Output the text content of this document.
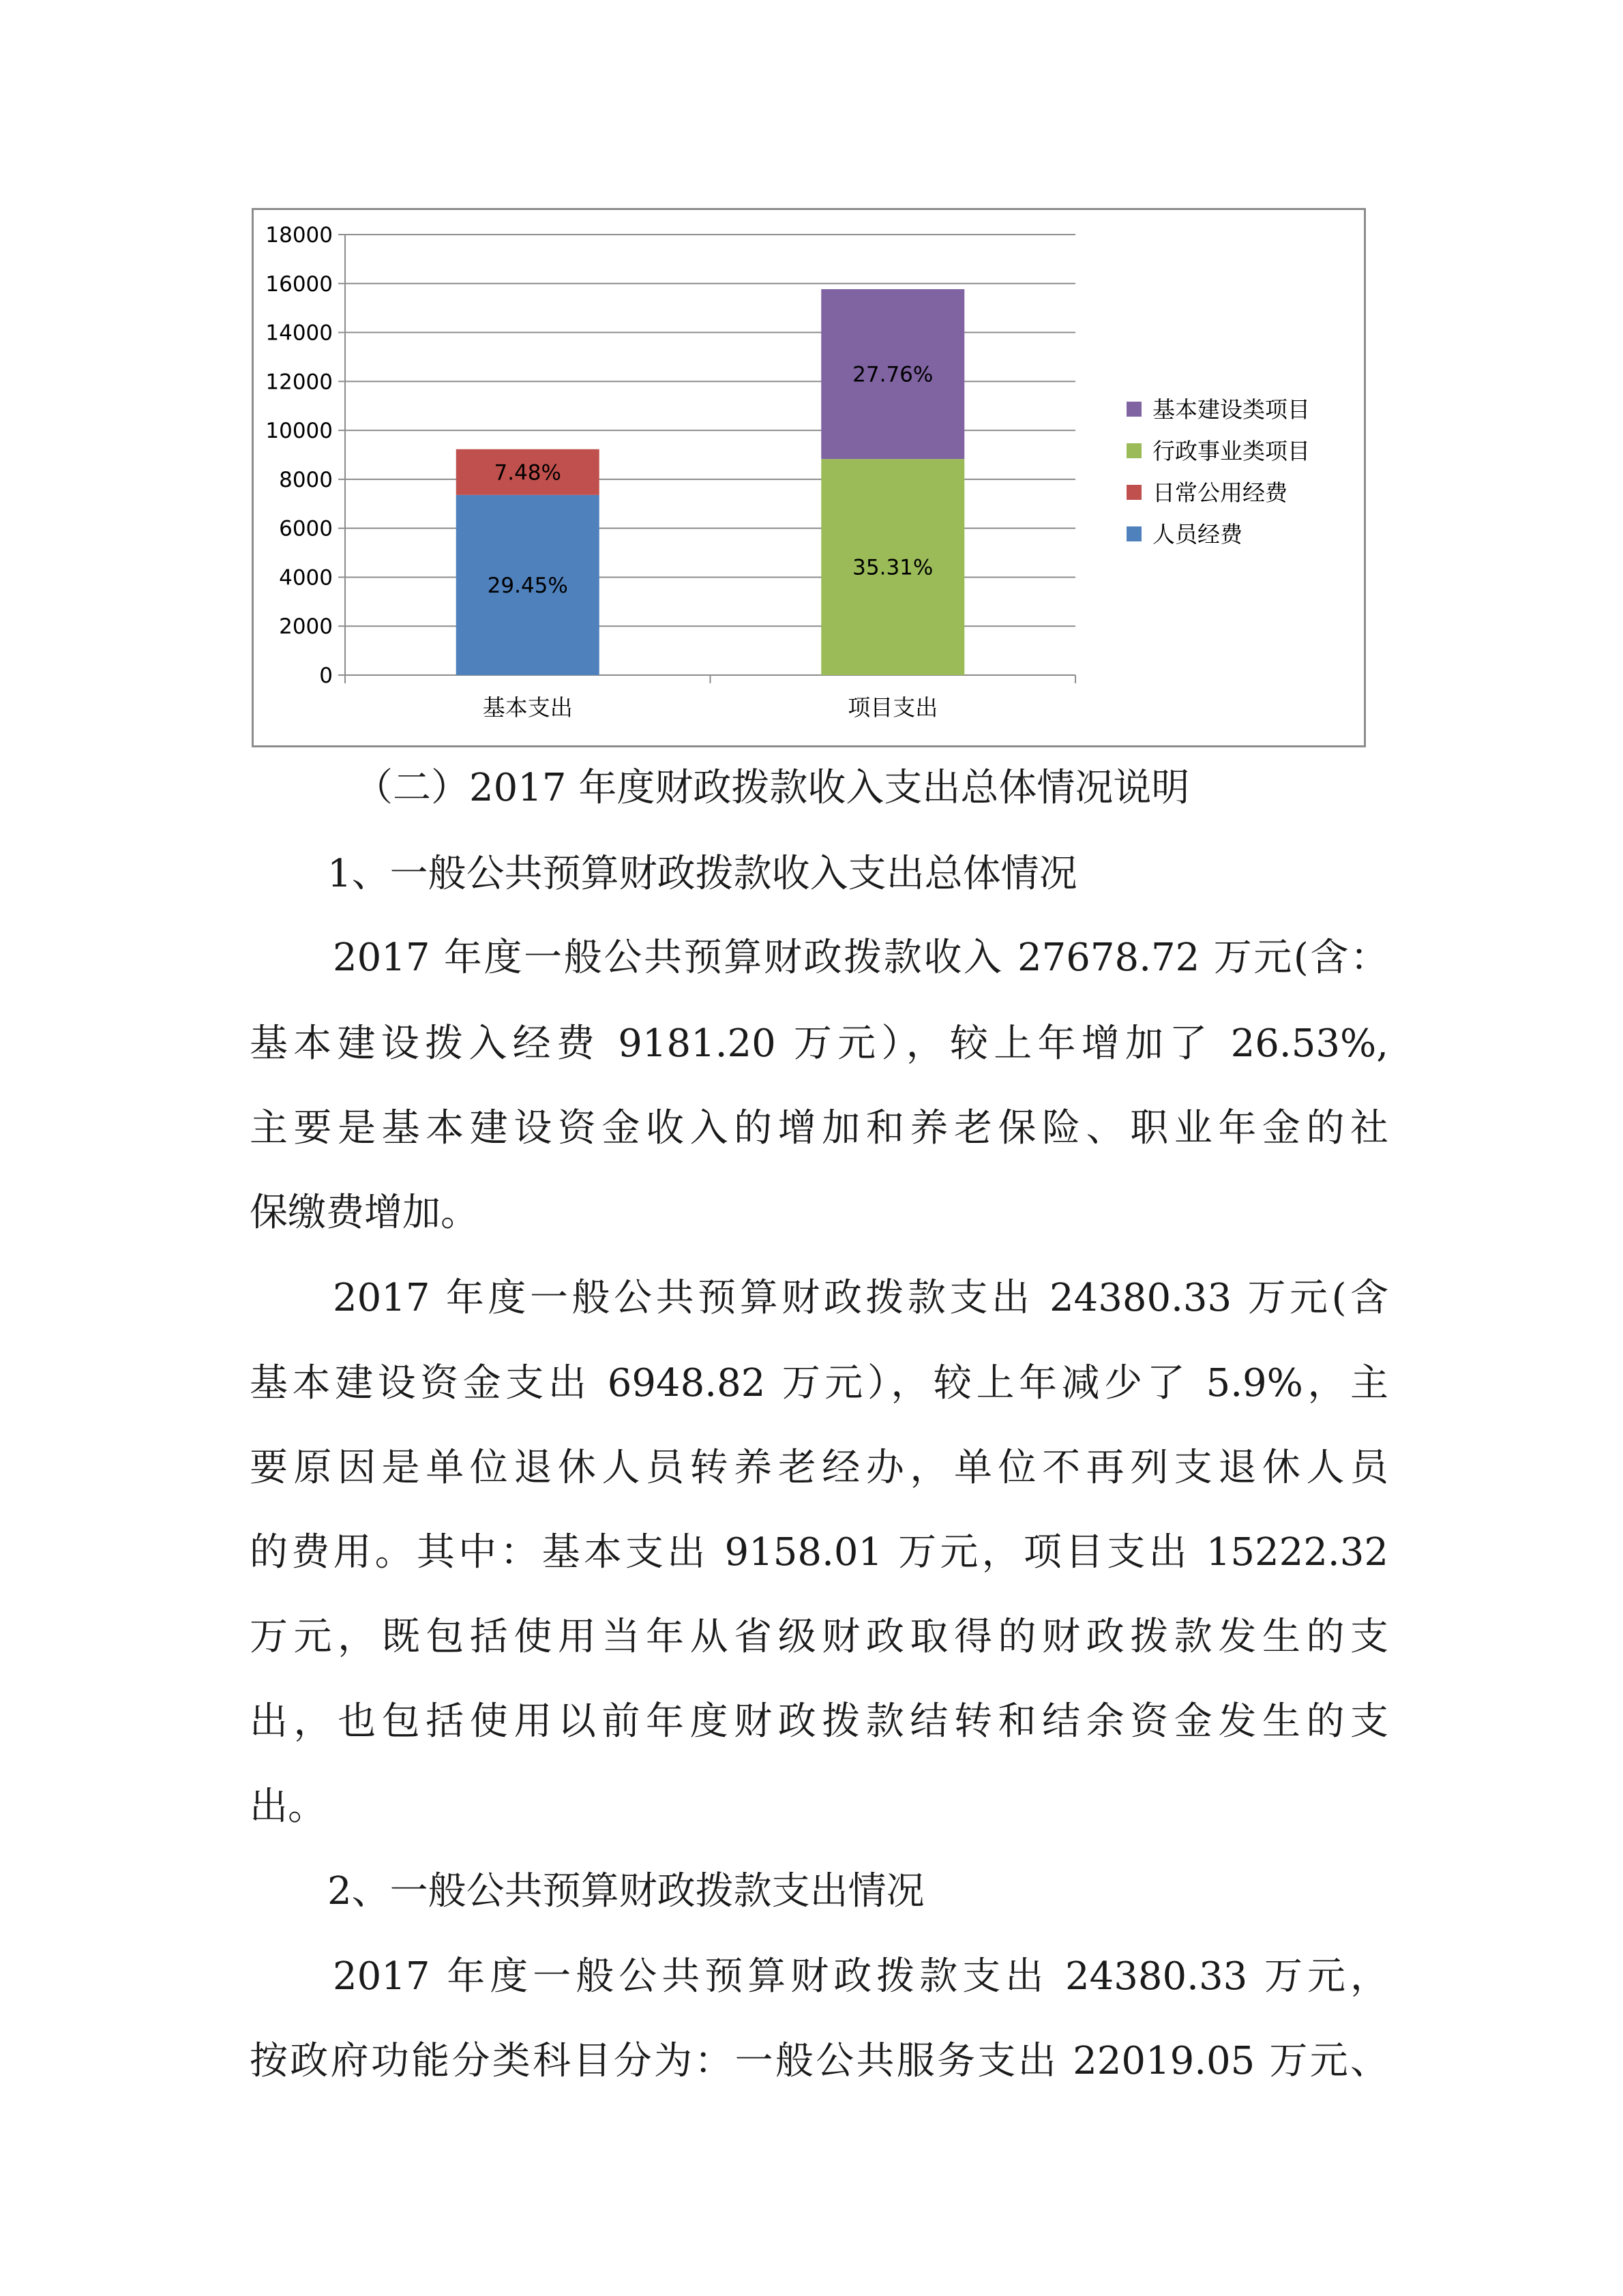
0
2000
4000
6000
8000
10000
12000
14000
16000
18000
29.45%
7.48%
基本支出
35.31%
27.76%
项目支出
基本建设类项目
行政事业类项目
日常公用经费
人员经费
（二）2017 年度财政拨款收入支出总体情况说明
1、一般公共预算财政拨款收入支出总体情况
2017 年度一般公共预算财政拨款收入 27678.72 万元(含：
基本建设拨入经费 9181.20 万元），较上年增加了 26.53%,
主要是基本建设资金收入的增加和养老保险、职业年金的社
保缴费增加。
2017 年度一般公共预算财政拨款支出 24380.33 万元(含
基本建设资金支出 6948.82 万元），较上年减少了 5.9%，主
要原因是单位退休人员转养老经办，单位不再列支退休人员
的费用。其中：基本支出 9158.01 万元，项目支出 15222.32
万元，既包括使用当年从省级财政取得的财政拨款发生的支
出，也包括使用以前年度财政拨款结转和结余资金发生的支
出。
2、一般公共预算财政拨款支出情况
2017 年度一般公共预算财政拨款支出 24380.33 万元，
按政府功能分类科目分为：一般公共服务支出 22019.05 万元、
